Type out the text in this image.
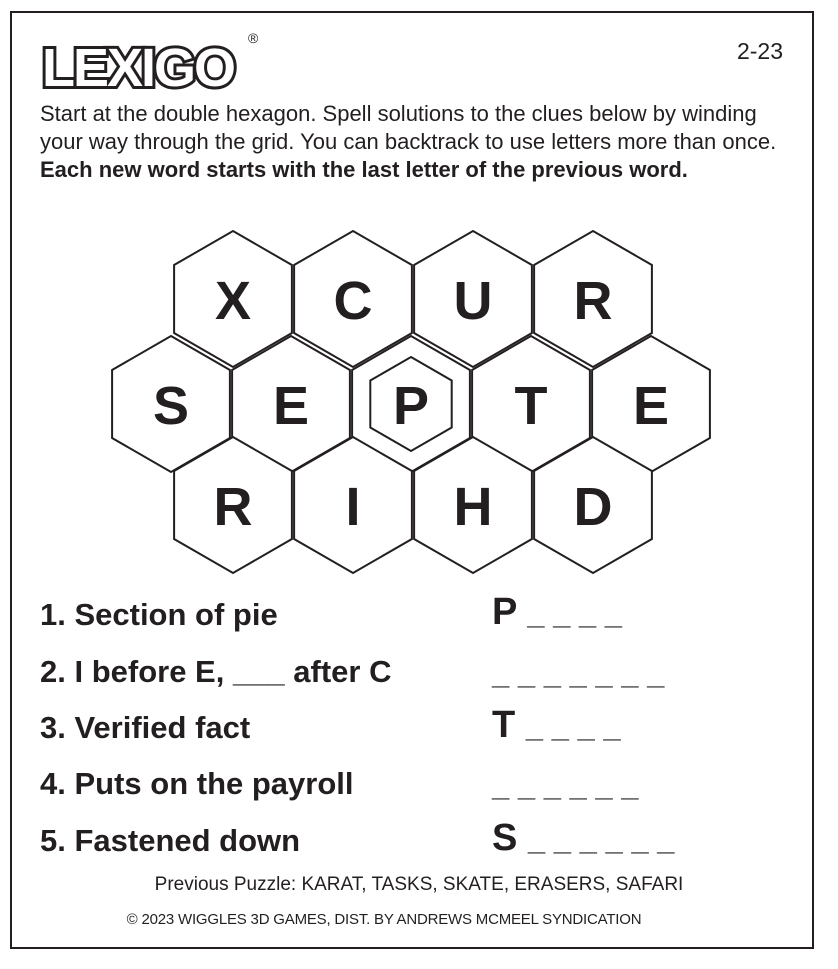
LEXIGO ®	2-23

Start at the double hexagon. Spell solutions to the clues below by winding your way through the grid. You can backtrack to use letters more than once. Each new word starts with the last letter of the previous word.

X C U R
S E P T E
R I H D
1. Section of pie	P _ _ _ _
2. I before E, ___ after C	_ _ _ _ _ _ _
3. Verified fact	T _ _ _ _
4. Puts on the payroll	_ _ _ _ _ _
5. Fastened down	S _ _ _ _ _ _
Previous Puzzle: KARAT, TASKS, SKATE, ERASERS, SAFARI
© 2023 WIGGLES 3D GAMES, DIST. BY ANDREWS MCMEEL SYNDICATION
